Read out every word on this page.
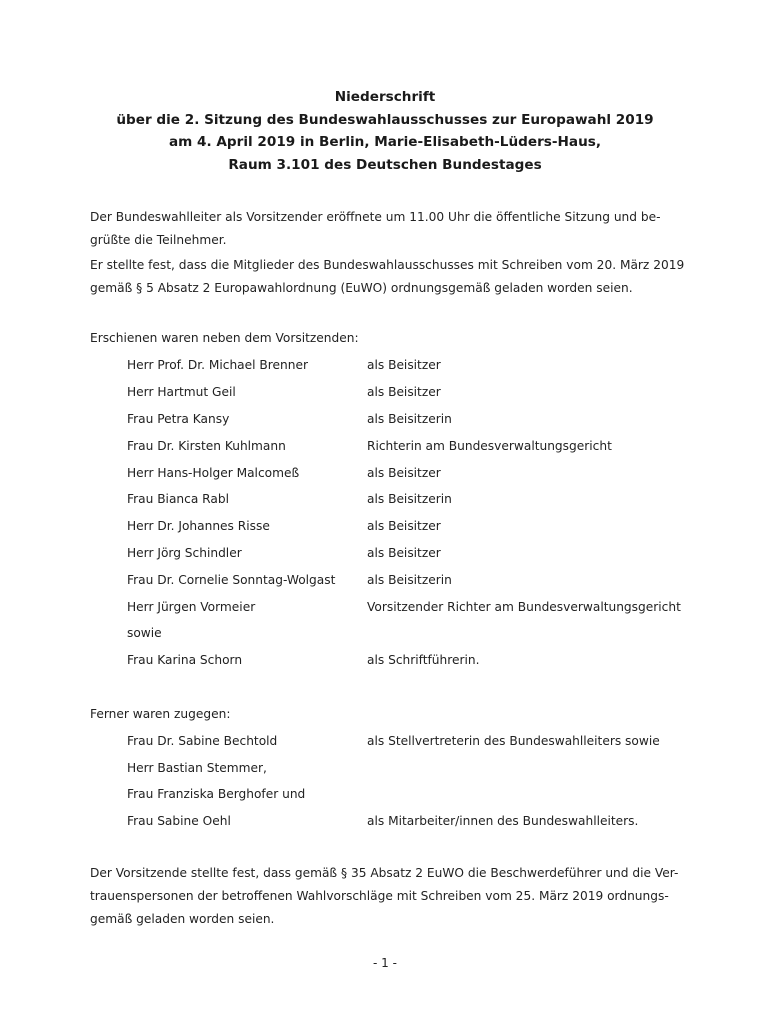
Niederschrift
über die 2. Sitzung des Bundeswahlausschusses zur Europawahl 2019
am 4. April 2019 in Berlin, Marie-Elisabeth-Lüders-Haus,
Raum 3.101 des Deutschen Bundestages
Der Bundeswahlleiter als Vorsitzender eröffnete um 11.00 Uhr die öffentliche Sitzung und be-
grüßte die Teilnehmer.
Er stellte fest, dass die Mitglieder des Bundeswahlausschusses mit Schreiben vom 20. März 2019
gemäß § 5 Absatz 2 Europawahlordnung (EuWO) ordnungsgemäß geladen worden seien.
Erschienen waren neben dem Vorsitzenden:
Herr Prof. Dr. Michael Brenner	als Beisitzer
Herr Hartmut Geil	als Beisitzer
Frau Petra Kansy	als Beisitzerin
Frau Dr. Kirsten Kuhlmann	Richterin am Bundesverwaltungsgericht
Herr Hans-Holger Malcomeß	als Beisitzer
Frau Bianca Rabl	als Beisitzerin
Herr Dr. Johannes Risse	als Beisitzer
Herr Jörg Schindler	als Beisitzer
Frau Dr. Cornelie Sonntag-Wolgast	als Beisitzerin
Herr Jürgen Vormeier	Vorsitzender Richter am Bundesverwaltungsgericht
sowie
Frau Karina Schorn	als Schriftführerin.
Ferner waren zugegen:
Frau Dr. Sabine Bechtold	als Stellvertreterin des Bundeswahlleiters sowie
Herr Bastian Stemmer,
Frau Franziska Berghofer und
Frau Sabine Oehl	als Mitarbeiter/innen des Bundeswahlleiters.
Der Vorsitzende stellte fest, dass gemäß § 35 Absatz 2 EuWO die Beschwerdeführer und die Ver-
trauenspersonen der betroffenen Wahlvorschläge mit Schreiben vom 25. März 2019 ordnungs-
gemäß geladen worden seien.
- 1 -
